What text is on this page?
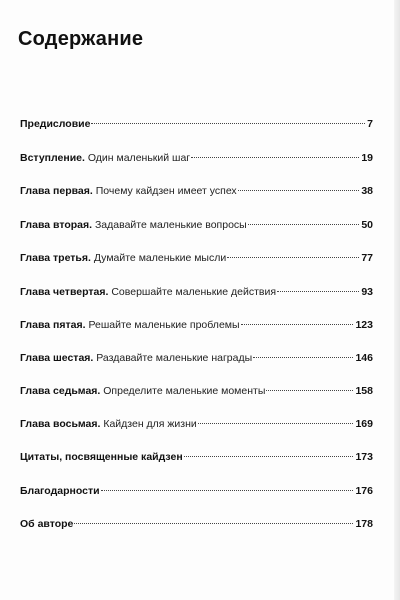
Содержание
Предисловие	7
Вступление. Один маленький шаг	19
Глава первая. Почему кайдзен имеет успех	38
Глава вторая. Задавайте маленькие вопросы	50
Глава третья. Думайте маленькие мысли	77
Глава четвертая. Совершайте маленькие действия	93
Глава пятая. Решайте маленькие проблемы	123
Глава шестая. Раздавайте маленькие награды	146
Глава седьмая. Определите маленькие моменты	158
Глава восьмая. Кайдзен для жизни	169
Цитаты, посвященные кайдзен	173
Благодарности	176
Об авторе	178
